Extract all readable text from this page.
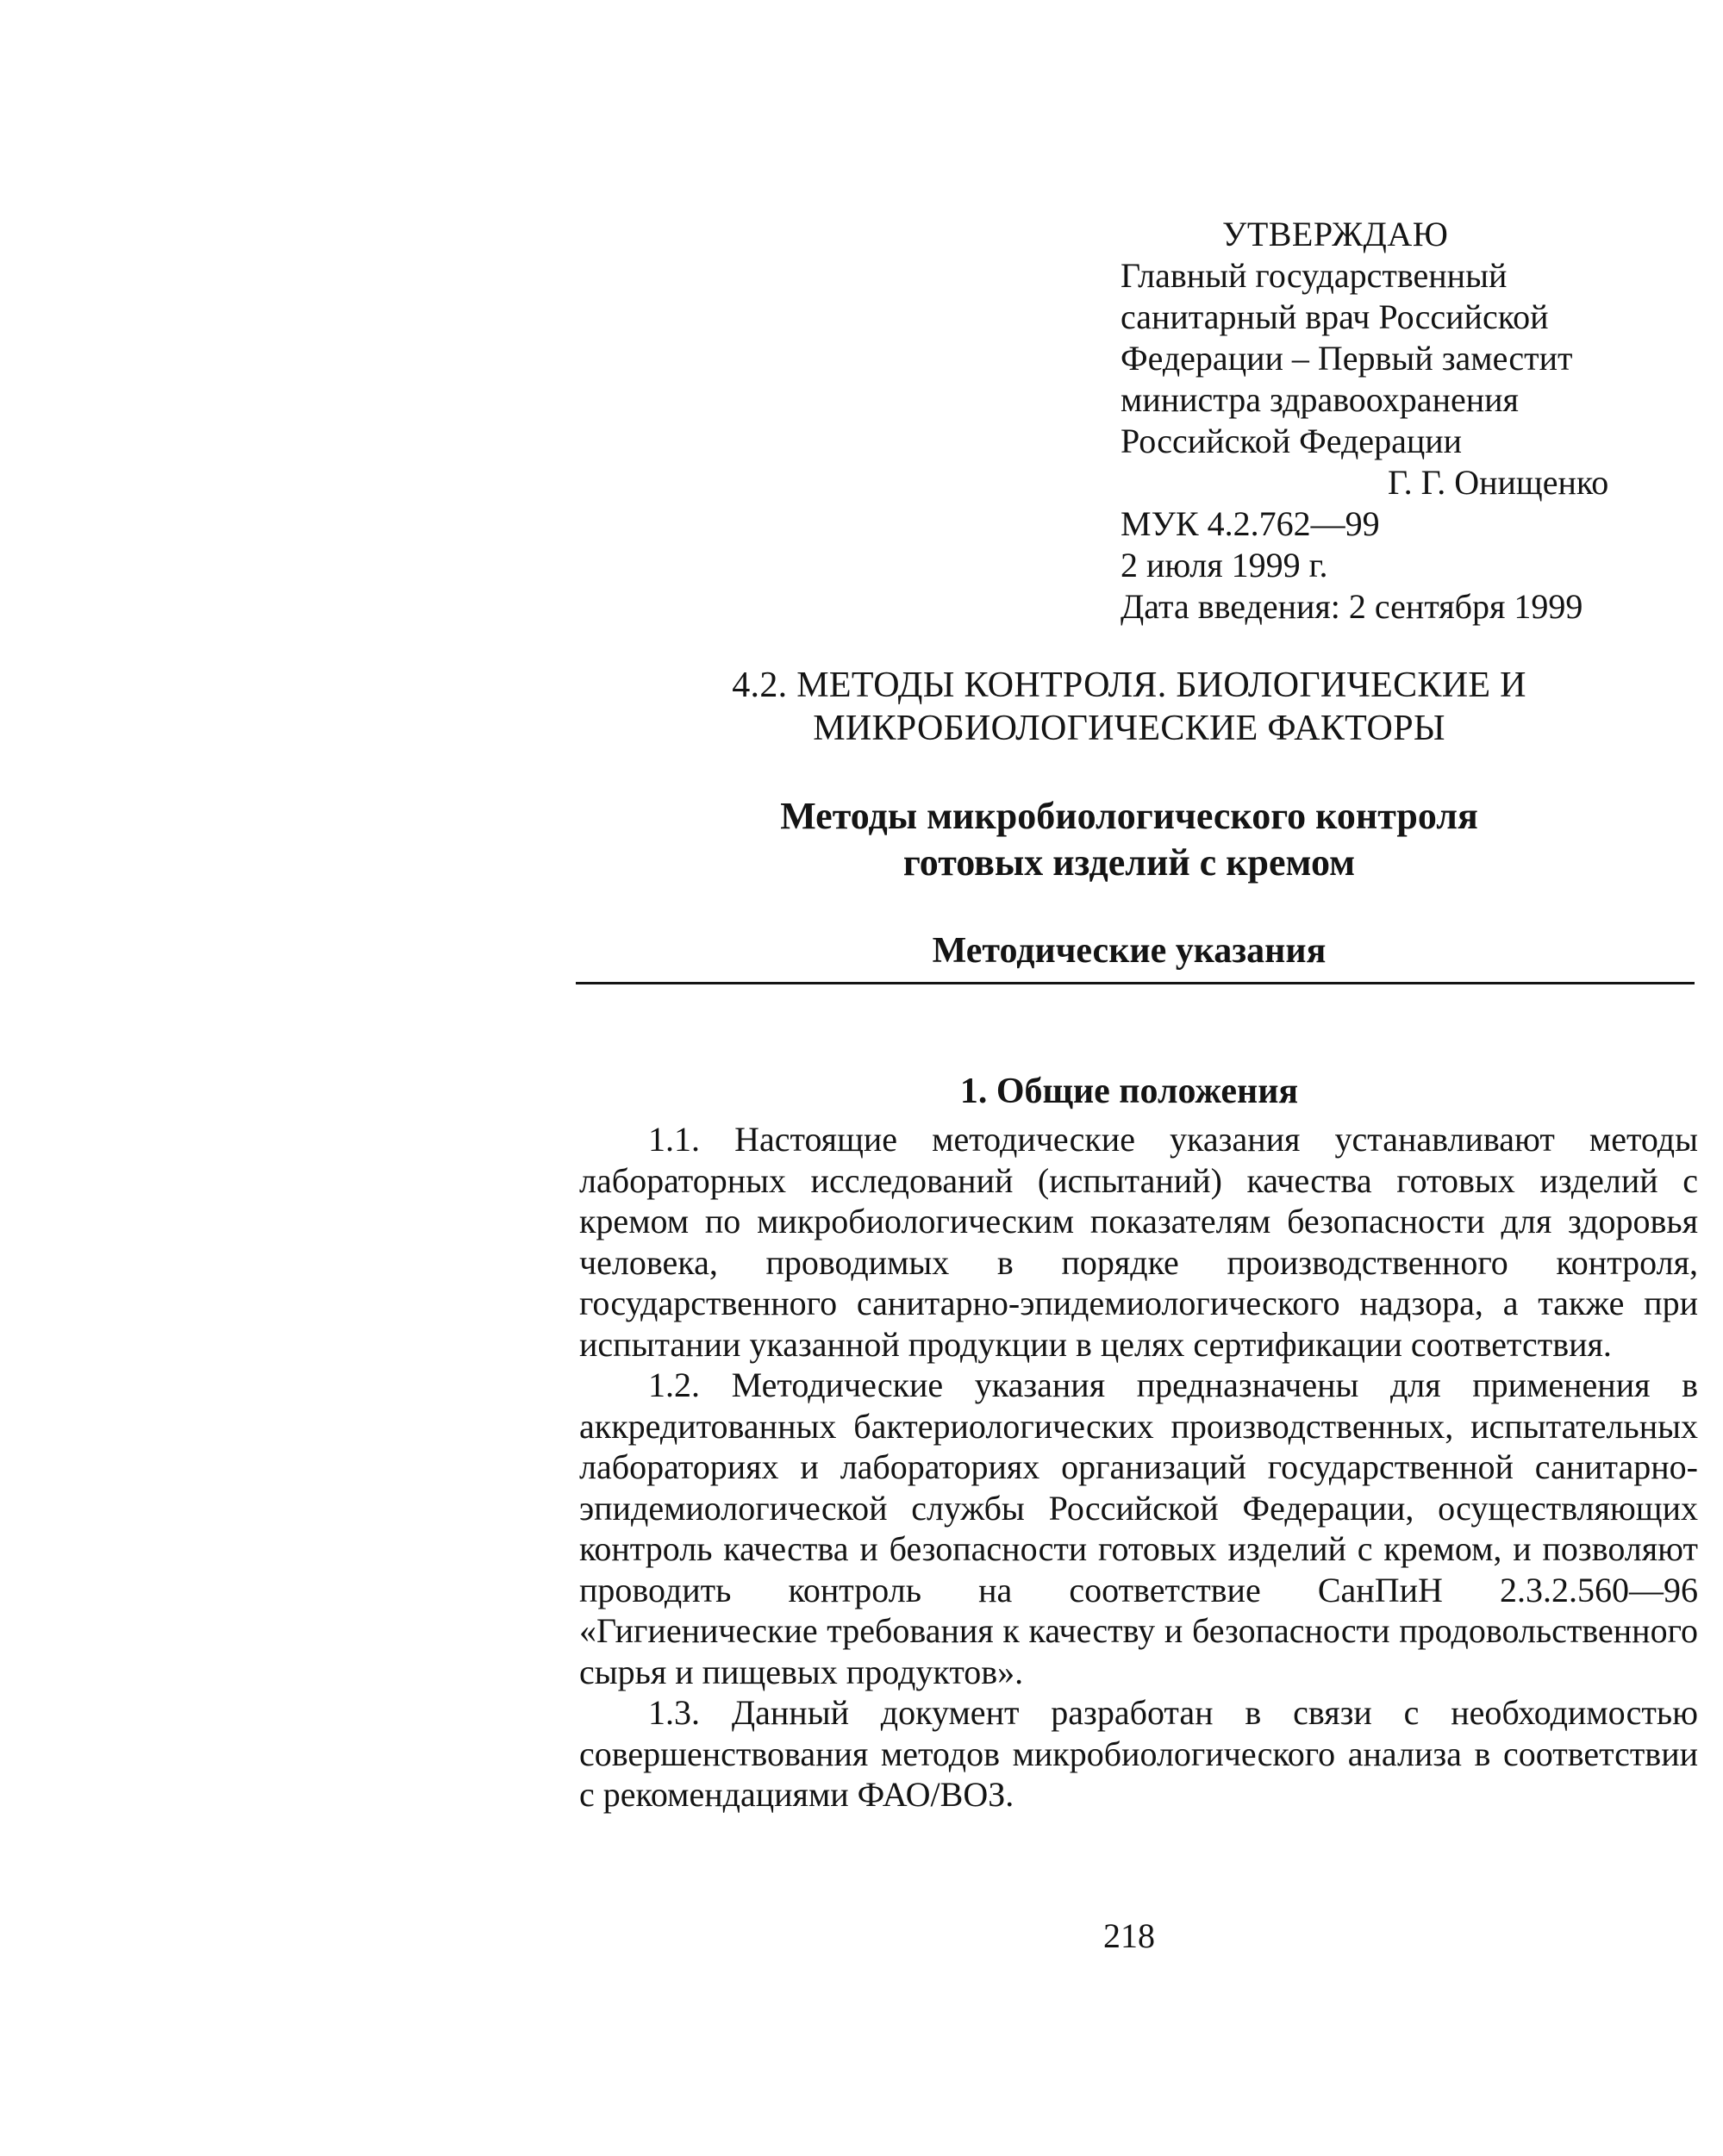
УТВЕРЖДАЮ
Главный государственный
санитарный врач Российской
Федерации – Первый заместит
министра здравоохранения
Российской Федерации
Г. Г. Онищенко
МУК 4.2.762—99
2 июля 1999 г.
Дата введения: 2 сентября 1999
4.2. МЕТОДЫ КОНТРОЛЯ. БИОЛОГИЧЕСКИЕ И
МИКРОБИОЛОГИЧЕСКИЕ ФАКТОРЫ
Методы микробиологического контроля
готовых изделий с кремом
Методические указания
1. Общие положения

1.1. Настоящие методические указания устанавливают методы лабораторных исследований (испытаний) качества готовых изделий с кремом по микробиологическим показателям безопасности для здоровья человека, проводимых в порядке производственного контроля, государственного санитарно-эпидемиологического надзора, а также при испытании указанной продукции в целях сертификации соответствия.

1.2. Методические указания предназначены для применения в аккредитованных бактериологических производственных, испытательных лабораториях и лабораториях организаций государственной санитарно-эпидемиологической службы Российской Федерации, осуществляющих контроль качества и безопасности готовых изделий с кремом, и позволяют проводить контроль на соответствие СанПиН 2.3.2.560—96 «Гигиенические требования к качеству и безопасности продовольственного сырья и пищевых продуктов».

1.3. Данный документ разработан в связи с необходимостью совершенствования методов микробиологического анализа в соответствии с рекомендациями ФАО/ВОЗ.

218
